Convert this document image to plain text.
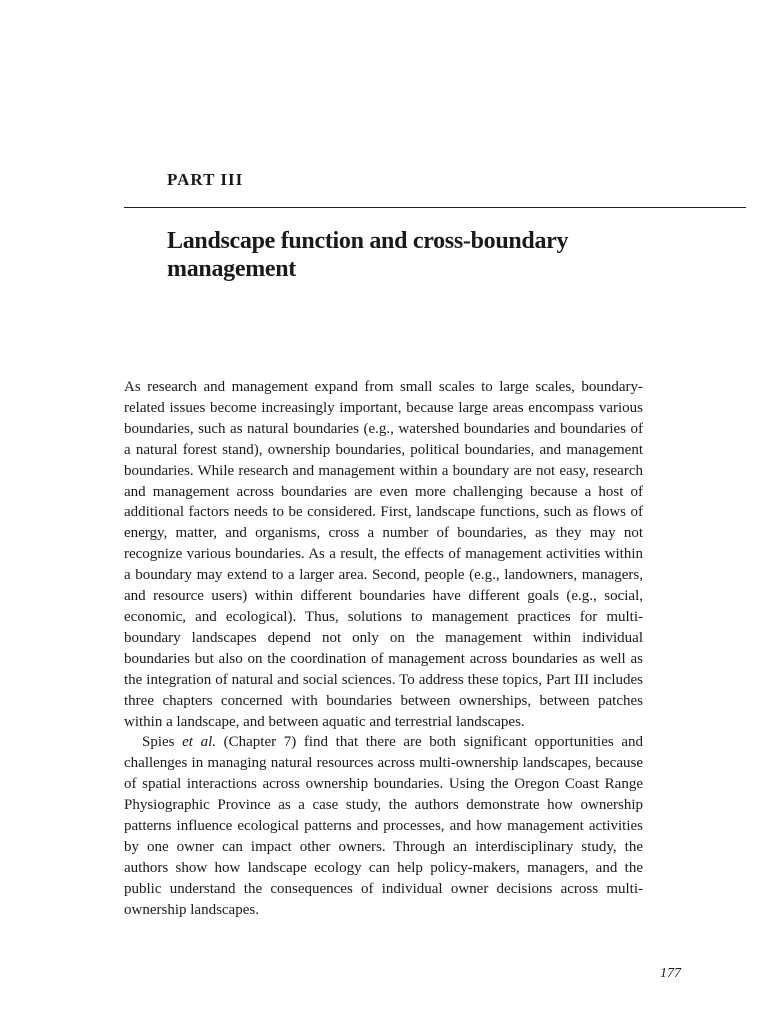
PART III
Landscape function and cross-boundary management

As research and management expand from small scales to large scales, boundary-related issues become increasingly important, because large areas encompass various boundaries, such as natural boundaries (e.g., watershed boundaries and boundaries of a natural forest stand), ownership boundaries, political boundaries, and management boundaries. While research and management within a boundary are not easy, research and management across boundaries are even more challenging because a host of additional factors needs to be considered. First, landscape functions, such as flows of energy, matter, and organisms, cross a number of boundaries, as they may not recognize various boundaries. As a result, the effects of management activities within a boundary may extend to a larger area. Second, people (e.g., landowners, managers, and resource users) within different boundaries have different goals (e.g., social, economic, and ecological). Thus, solutions to management practices for multi-boundary landscapes depend not only on the management within individual boundaries but also on the coordination of management across boundaries as well as the integration of natural and social sciences. To address these topics, Part III includes three chapters concerned with boundaries between ownerships, between patches within a landscape, and between aquatic and terrestrial landscapes.

Spies et al. (Chapter 7) find that there are both significant opportunities and challenges in managing natural resources across multi-ownership landscapes, because of spatial interactions across ownership boundaries. Using the Oregon Coast Range Physiographic Province as a case study, the authors demonstrate how ownership patterns influence ecological patterns and processes, and how management activities by one owner can impact other owners. Through an interdisciplinary study, the authors show how landscape ecology can help policy-makers, managers, and the public understand the consequences of individual owner decisions across multi-ownership landscapes.

177
